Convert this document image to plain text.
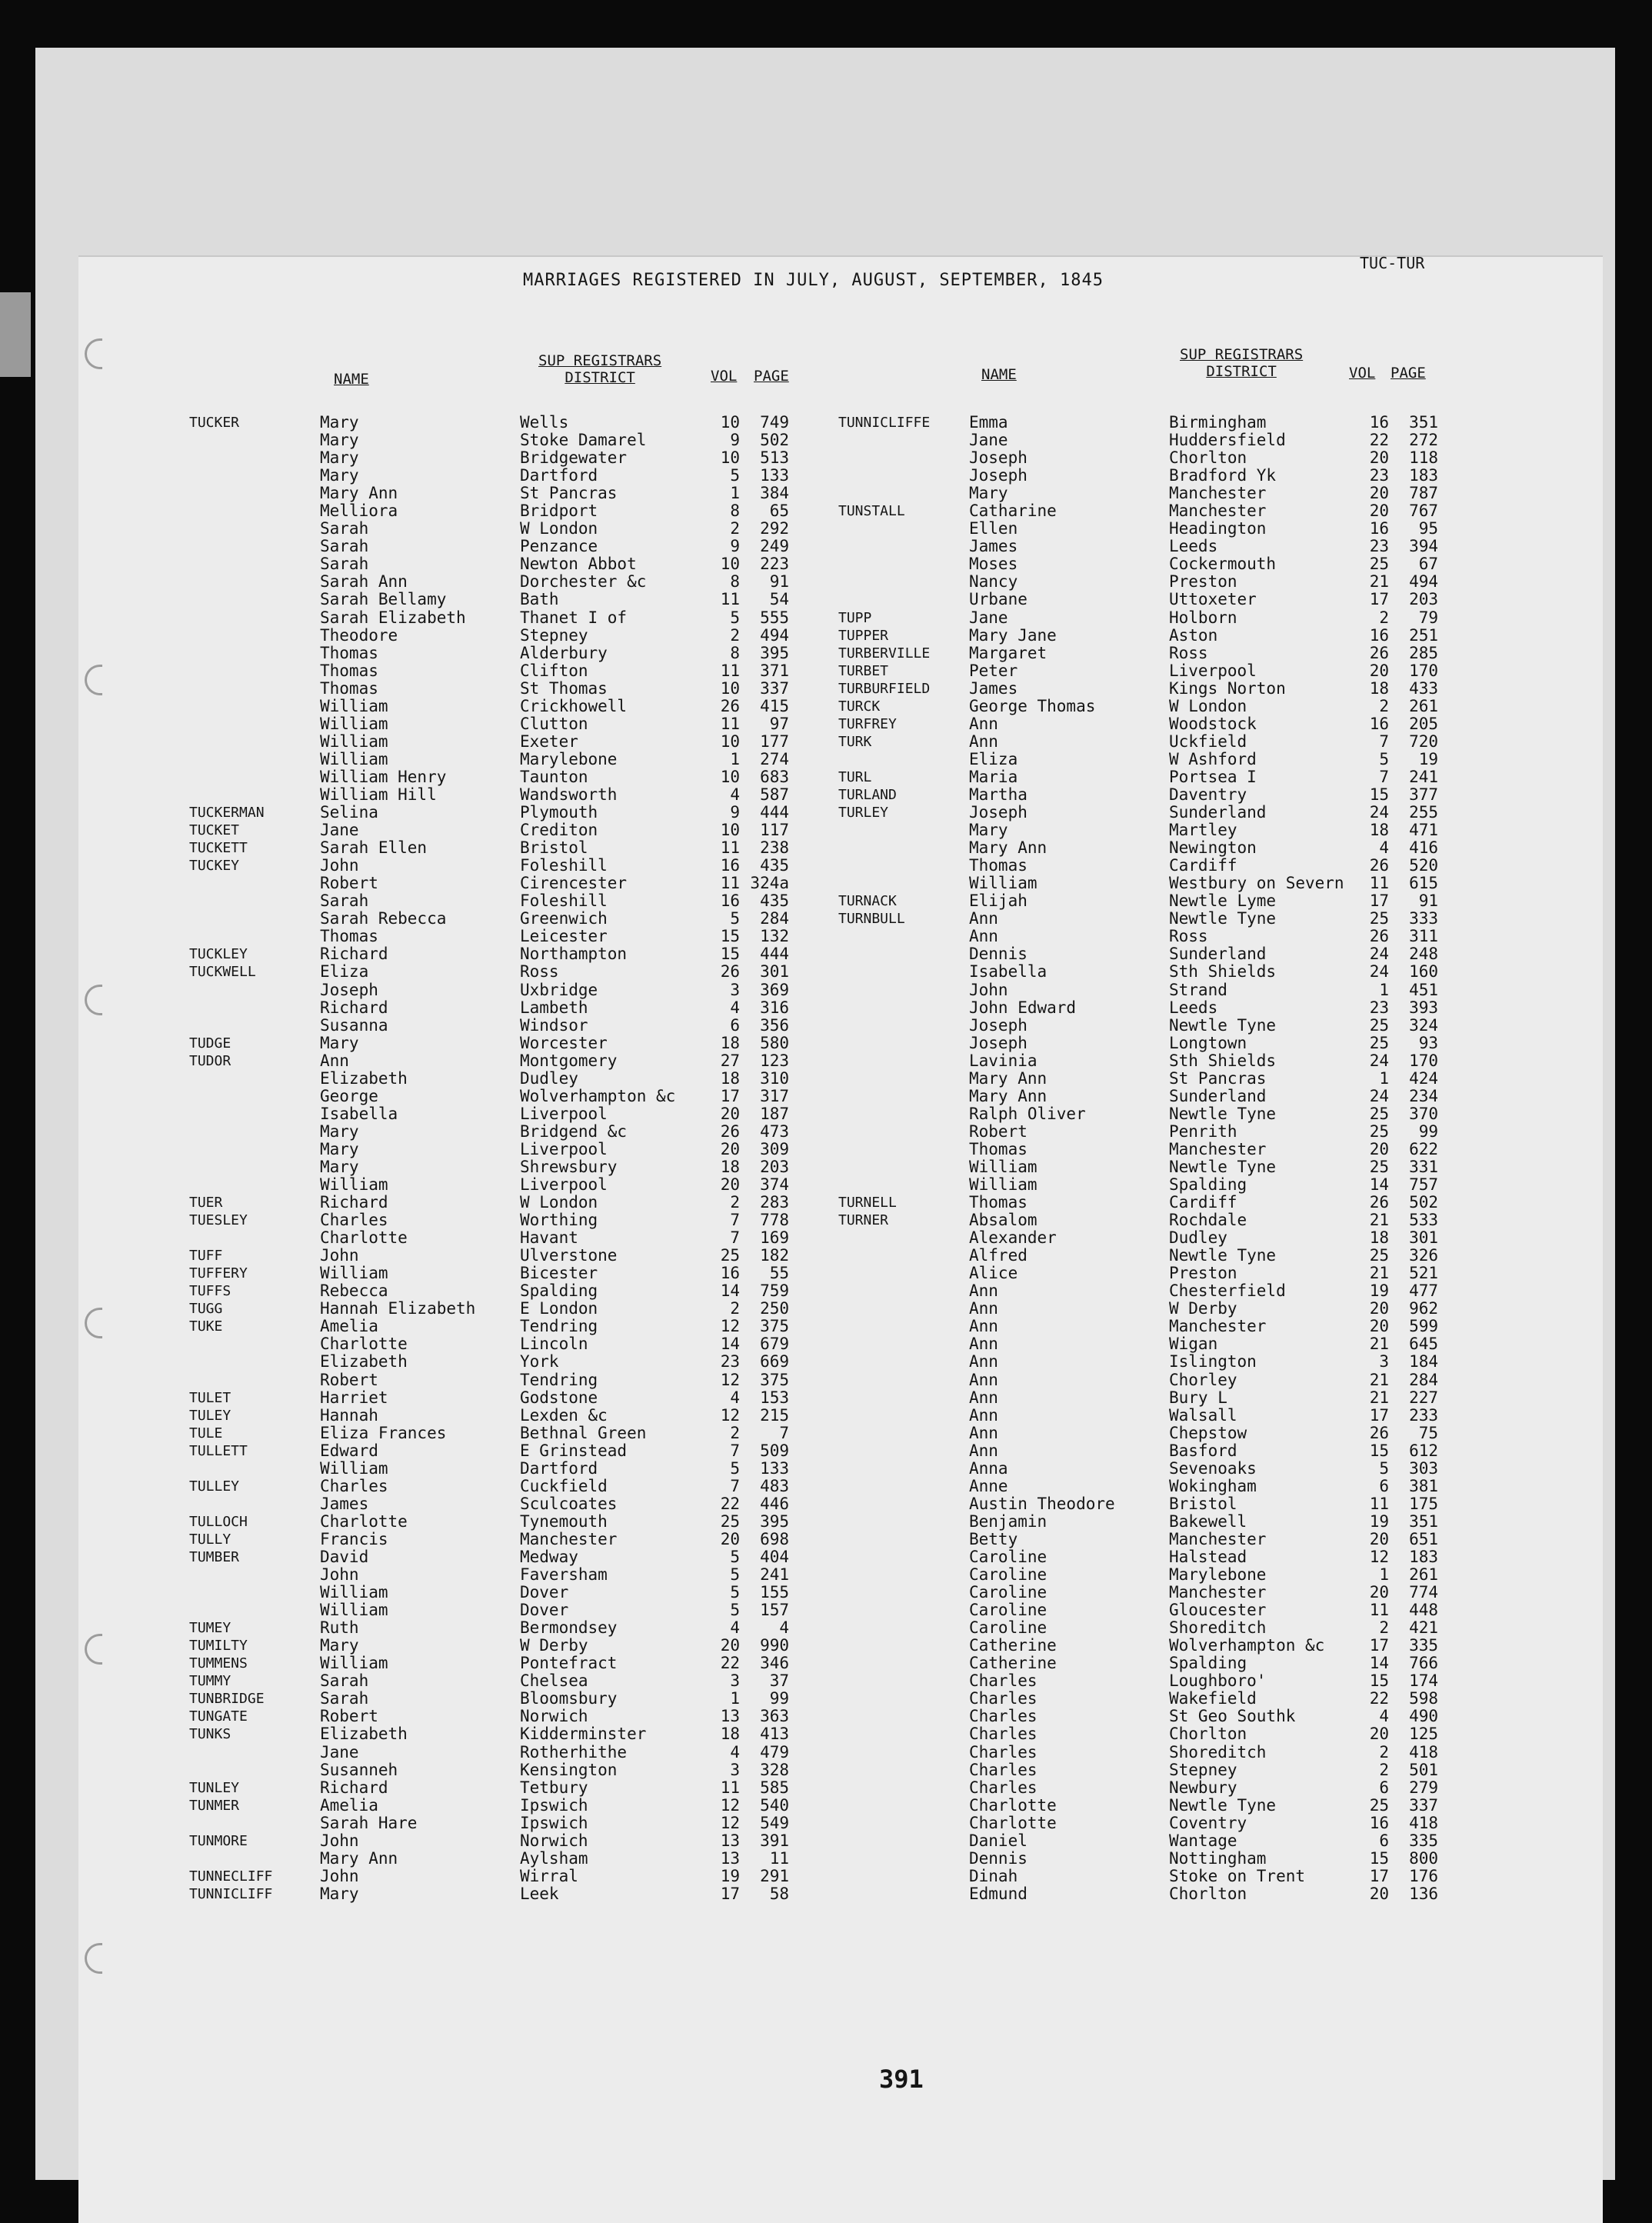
TUC-TUR
MARRIAGES REGISTERED IN JULY, AUGUST, SEPTEMBER, 1845
NAME
SUP REGISTRARS
DISTRICT	VOL PAGE	NAME
SUP REGISTRARS
DISTRICT	VOL PAGE
TUCKER	Mary	Wells	10	749
Mary	Stoke Damarel	9	502
Mary	Bridgewater	10	513
Mary	Dartford	5	133
Mary Ann	St Pancras	1	384
Melliora	Bridport	8	65
Sarah	W London	2	292
Sarah	Penzance	9	249
Sarah	Newton Abbot	10	223
Sarah Ann	Dorchester &c	8	91
Sarah Bellamy	Bath	11	54
Sarah Elizabeth	Thanet I of	5	555
Theodore	Stepney	2	494
Thomas	Alderbury	8	395
Thomas	Clifton	11	371
Thomas	St Thomas	10	337
William	Crickhowell	26	415
William	Clutton	11	97
William	Exeter	10	177
William	Marylebone	1	274
William Henry	Taunton	10	683
William Hill	Wandsworth	4	587
TUCKERMAN	Selina	Plymouth	9	444
TUCKET	Jane	Crediton	10	117
TUCKETT	Sarah Ellen	Bristol	11	238
TUCKEY	John	Foleshill	16	435
Robert	Cirencester	11 324a
Sarah	Foleshill	16	435
Sarah Rebecca	Greenwich	5	284
Thomas	Leicester	15	132
TUCKLEY	Richard	Northampton	15	444
TUCKWELL	Eliza	Ross	26	301
Joseph	Uxbridge	3	369
Richard	Lambeth	4	316
Susanna	Windsor	6	356
TUDGE	Mary	Worcester	18	580
TUDOR	Ann	Montgomery	27	123
Elizabeth	Dudley	18	310
George	Wolverhampton &c	17	317
Isabella	Liverpool	20	187
Mary	Bridgend &c	26	473
Mary	Liverpool	20	309
Mary	Shrewsbury	18	203
William	Liverpool	20	374
TUER	Richard	W London	2	283
TUESLEY	Charles	Worthing	7	778
Charlotte	Havant	7	169
TUFF	John	Ulverstone	25	182
TUFFERY	William	Bicester	16	55
TUFFS	Rebecca	Spalding	14	759
TUGG	Hannah Elizabeth	E London	2	250
TUKE	Amelia	Tendring	12	375
Charlotte	Lincoln	14	679
Elizabeth	York	23	669
Robert	Tendring	12	375
TULET	Harriet	Godstone	4	153
TULEY	Hannah	Lexden &c	12	215
TULE	Eliza Frances	Bethnal Green	2	7
TULLETT	Edward	E Grinstead	7	509
William	Dartford	5	133
TULLEY	Charles	Cuckfield	7	483
James	Sculcoates	22	446
TULLOCH	Charlotte	Tynemouth	25	395
TULLY	Francis	Manchester	20	698
TUMBER	David	Medway	5	404
John	Faversham	5	241
William	Dover	5	155
William	Dover	5	157
TUMEY	Ruth	Bermondsey	4	4
TUMILTY	Mary	W Derby	20	990
TUMMENS	William	Pontefract	22	346
TUMMY	Sarah	Chelsea	3	37
TUNBRIDGE	Sarah	Bloomsbury	1	99
TUNGATE	Robert	Norwich	13	363
TUNKS	Elizabeth	Kidderminster	18	413
Jane	Rotherhithe	4	479
Susanneh	Kensington	3	328
TUNLEY	Richard	Tetbury	11	585
TUNMER	Amelia	Ipswich	12	540
Sarah Hare	Ipswich	12	549
TUNMORE	John	Norwich	13	391
Mary Ann	Aylsham	13	11
TUNNECLIFF	John	Wirral	19	291
TUNNICLIFF	Mary	Leek	17	58
TUNNICLIFFE	Emma	Birmingham	16	351
Jane	Huddersfield	22	272
Joseph	Chorlton	20	118
Joseph	Bradford Yk	23	183
Mary	Manchester	20	787
TUNSTALL	Catharine	Manchester	20	767
Ellen	Headington	16	95
James	Leeds	23	394
Moses	Cockermouth	25	67
Nancy	Preston	21	494
Urbane	Uttoxeter	17	203
TUPP	Jane	Holborn	2	79
TUPPER	Mary Jane	Aston	16	251
TURBERVILLE	Margaret	Ross	26	285
TURBET	Peter	Liverpool	20	170
TURBURFIELD	James	Kings Norton	18	433
TURCK	George Thomas	W London	2	261
TURFREY	Ann	Woodstock	16	205
TURK	Ann	Uckfield	7	720
Eliza	W Ashford	5	19
TURL	Maria	Portsea I	7	241
TURLAND	Martha	Daventry	15	377
TURLEY	Joseph	Sunderland	24	255
Mary	Martley	18	471
Mary Ann	Newington	4	416
Thomas	Cardiff	26	520
William	Westbury on Severn	11	615
TURNACK	Elijah	Newtle Lyme	17	91
TURNBULL	Ann	Newtle Tyne	25	333
Ann	Ross	26	311
Dennis	Sunderland	24	248
Isabella	Sth Shields	24	160
John	Strand	1	451
John Edward	Leeds	23	393
Joseph	Newtle Tyne	25	324
Joseph	Longtown	25	93
Lavinia	Sth Shields	24	170
Mary Ann	St Pancras	1	424
Mary Ann	Sunderland	24	234
Ralph Oliver	Newtle Tyne	25	370
Robert	Penrith	25	99
Thomas	Manchester	20	622
William	Newtle Tyne	25	331
William	Spalding	14	757
TURNELL	Thomas	Cardiff	26	502
TURNER	Absalom	Rochdale	21	533
Alexander	Dudley	18	301
Alfred	Newtle Tyne	25	326
Alice	Preston	21	521
Ann	Chesterfield	19	477
Ann	W Derby	20	962
Ann	Manchester	20	599
Ann	Wigan	21	645
Ann	Islington	3	184
Ann	Chorley	21	284
Ann	Bury L	21	227
Ann	Walsall	17	233
Ann	Chepstow	26	75
Ann	Basford	15	612
Anna	Sevenoaks	5	303
Anne	Wokingham	6	381
Austin Theodore	Bristol	11	175
Benjamin	Bakewell	19	351
Betty	Manchester	20	651
Caroline	Halstead	12	183
Caroline	Marylebone	1	261
Caroline	Manchester	20	774
Caroline	Gloucester	11	448
Caroline	Shoreditch	2	421
Catherine	Wolverhampton &c	17	335
Catherine	Spalding	14	766
Charles	Loughboro'	15	174
Charles	Wakefield	22	598
Charles	St Geo Southk	4	490
Charles	Chorlton	20	125
Charles	Shoreditch	2	418
Charles	Stepney	2	501
Charles	Newbury	6	279
Charlotte	Newtle Tyne	25	337
Charlotte	Coventry	16	418
Daniel	Wantage	6	335
Dennis	Nottingham	15	800
Dinah	Stoke on Trent	17	176
Edmund	Chorlton	20	136
391
